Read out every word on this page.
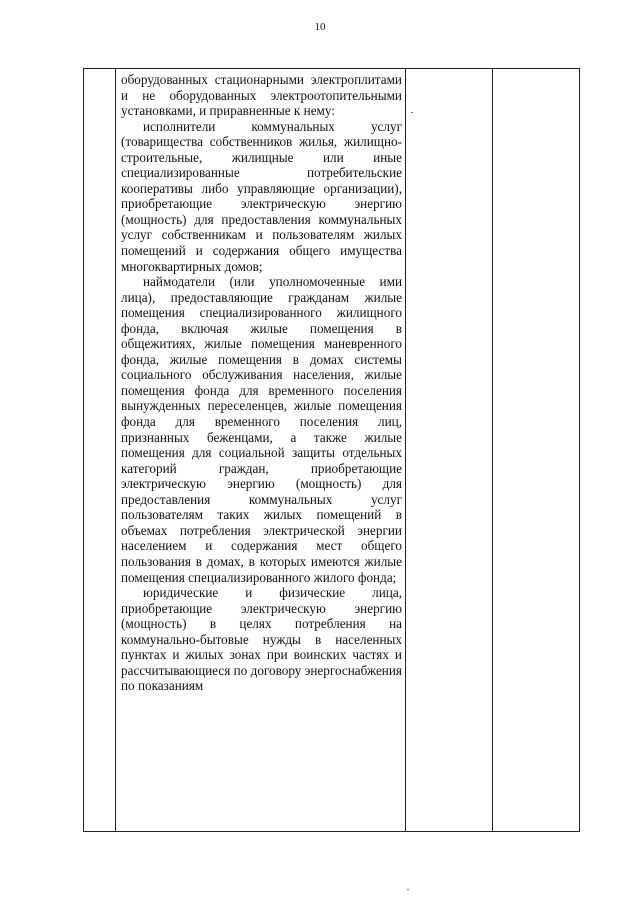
10

оборудованных стационарными электроплитами и не оборудованных электроотопительными установками, и приравненные к нему:

исполнители коммунальных услуг (товарищества собственников жилья, жилищно-строительные, жилищные или иные специализированные потребительские кооперативы либо управляющие организации), приобретающие электрическую энергию (мощность) для предоставления коммунальных услуг собственникам и пользователям жилых помещений и содержания общего имущества многоквартирных домов;

наймодатели (или уполномоченные ими лица), предоставляющие гражданам жилые помещения специализированного жилищного фонда, включая жилые помещения в общежитиях, жилые помещения маневренного фонда, жилые помещения в домах системы социального обслуживания населения, жилые помещения фонда для временного поселения вынужденных переселенцев, жилые помещения фонда для временного поселения лиц, признанных беженцами, а также жилые помещения для социальной защиты отдельных категорий граждан, приобретающие электрическую энергию (мощность) для предоставления коммунальных услуг пользователям таких жилых помещений в объемах потребления электрической энергии населением и содержания мест общего пользования в домах, в которых имеются жилые помещения специализированного жилого фонда;

юридические и физические лица, приобретающие электрическую энергию (мощность) в целях потребления на коммунально-бытовые нужды в населенных пунктах и жилых зонах при воинских частях и рассчитывающиеся по договору энергоснабжения по показаниям
